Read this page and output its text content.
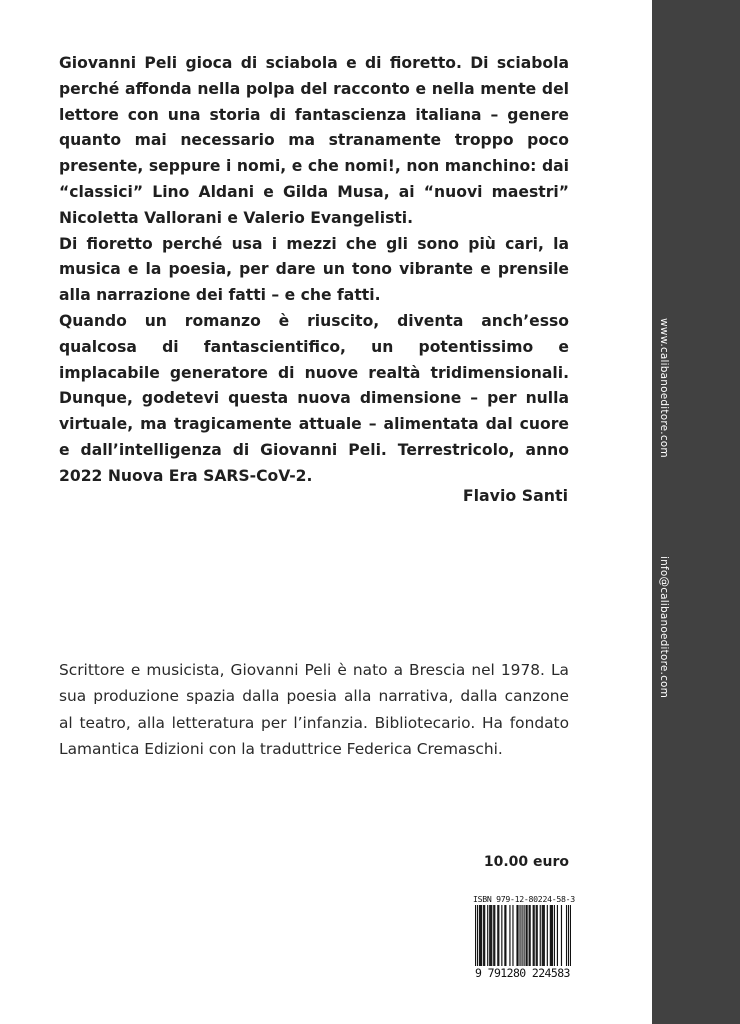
www.calibanoeditore.com
info@calibanoeditore.com

Giovanni Peli gioca di sciabola e di fioretto. Di sciabola perché affonda nella polpa del racconto e nella mente del lettore con una storia di fantascienza italiana – genere quanto mai necessario ma stranamente troppo poco presente, seppure i nomi, e che nomi!, non manchino: dai “classici” Lino Aldani e Gilda Musa, ai “nuovi maestri” Nicoletta Vallorani e Valerio Evangelisti.

Di fioretto perché usa i mezzi che gli sono più cari, la musica e la poesia, per dare un tono vibrante e prensile alla narrazione dei fatti – e che fatti.

Quando un romanzo è riuscito, diventa anch’esso qualcosa di fantascientifico, un potentissimo e implacabile generatore di nuove realtà tridimensionali. Dunque, godetevi questa nuova dimensione – per nulla virtuale, ma tragicamente attuale – alimentata dal cuore e dall’intelligenza di Giovanni Peli. Terrestricolo, anno 2022 Nuova Era SARS-CoV-2.

Flavio Santi

Scrittore e musicista, Giovanni Peli è nato a Brescia nel 1978. La sua produzione spazia dalla poesia alla narrativa, dalla canzone al teatro, alla letteratura per l’infanzia. Bibliotecario. Ha fondato Lamantica Edizioni con la traduttrice Federica Cremaschi.

10.00 euro
ISBN 979-12-80224-58-3
9 791280 224583
